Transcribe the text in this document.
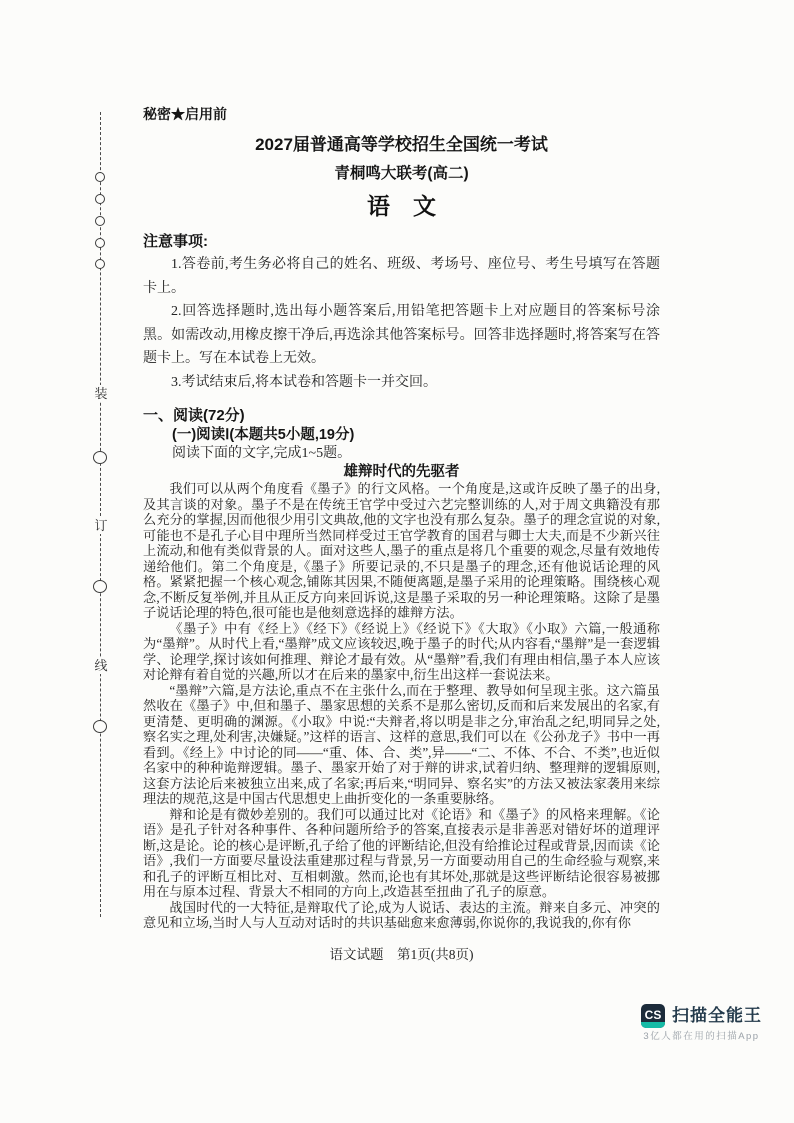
装
订
线
秘密★启用前
2027届普通高等学校招生全国统一考试
青桐鸣大联考(高二)
语　文
注意事项:

1.答卷前,考生务必将自己的姓名、班级、考场号、座位号、考生号填写在答题卡上。

2.回答选择题时,选出每小题答案后,用铅笔把答题卡上对应题目的答案标号涂黑。如需改动,用橡皮擦干净后,再选涂其他答案标号。回答非选择题时,将答案写在答题卡上。写在本试卷上无效。

3.考试结束后,将本试卷和答题卡一并交回。

一、阅读(72分)
(一)阅读Ⅰ(本题共5小题,19分)
阅读下面的文字,完成1~5题。
雄辩时代的先驱者

我们可以从两个角度看《墨子》的行文风格。一个角度是,这或许反映了墨子的出身,及其言谈的对象。墨子不是在传统王官学中受过六艺完整训练的人,对于周文典籍没有那么充分的掌握,因而他很少用引文典故,他的文字也没有那么复杂。墨子的理念宣说的对象,可能也不是孔子心目中理所当然同样受过王官学教育的国君与卿士大夫,而是不少新兴往上流动,和他有类似背景的人。面对这些人,墨子的重点是将几个重要的观念,尽量有效地传递给他们。第二个角度是,《墨子》所要记录的,不只是墨子的理念,还有他说话论理的风格。紧紧把握一个核心观念,铺陈其因果,不随便离题,是墨子采用的论理策略。围绕核心观念,不断反复举例,并且从正反方向来回诉说,这是墨子采取的另一种论理策略。这除了是墨子说话论理的特色,很可能也是他刻意选择的雄辩方法。

《墨子》中有《经上》《经下》《经说上》《经说下》《大取》《小取》六篇,一般通称为“墨辩”。从时代上看,“墨辩”成文应该较迟,晚于墨子的时代;从内容看,“墨辩”是一套逻辑学、论理学,探讨该如何推理、辩论才最有效。从“墨辩”看,我们有理由相信,墨子本人应该对论辩有着自觉的兴趣,所以才在后来的墨家中,衍生出这样一套说法来。

“墨辩”六篇,是方法论,重点不在主张什么,而在于整理、教导如何呈现主张。这六篇虽然收在《墨子》中,但和墨子、墨家思想的关系不是那么密切,反而和后来发展出的名家,有更清楚、更明确的渊源。《小取》中说:“夫辩者,将以明是非之分,审治乱之纪,明同异之处,察名实之理,处利害,决嫌疑。”这样的语言、这样的意思,我们可以在《公孙龙子》书中一再看到。《经上》中讨论的同——“重、体、合、类”,异——“二、不体、不合、不类”,也近似名家中的种种诡辩逻辑。墨子、墨家开始了对于辩的讲求,试着归纳、整理辩的逻辑原则,这套方法论后来被独立出来,成了名家;再后来,“明同异、察名实”的方法又被法家袭用来综理法的规范,这是中国古代思想史上曲折变化的一条重要脉络。

辩和论是有微妙差别的。我们可以通过比对《论语》和《墨子》的风格来理解。《论语》是孔子针对各种事件、各种问题所给予的答案,直接表示是非善恶对错好坏的道理评断,这是论。论的核心是评断,孔子给了他的评断结论,但没有给推论过程或背景,因而读《论语》,我们一方面要尽量设法重建那过程与背景,另一方面要动用自己的生命经验与观察,来和孔子的评断互相比对、互相刺激。然而,论也有其坏处,那就是这些评断结论很容易被挪用在与原本过程、背景大不相同的方向上,改造甚至扭曲了孔子的原意。

战国时代的一大特征,是辩取代了论,成为人说话、表达的主流。辩来自多元、冲突的意见和立场,当时人与人互动对话时的共识基础愈来愈薄弱,你说你的,我说我的,你有你

语文试题　第1页(共8页)
CS 扫描全能王
3亿人都在用的扫描App
